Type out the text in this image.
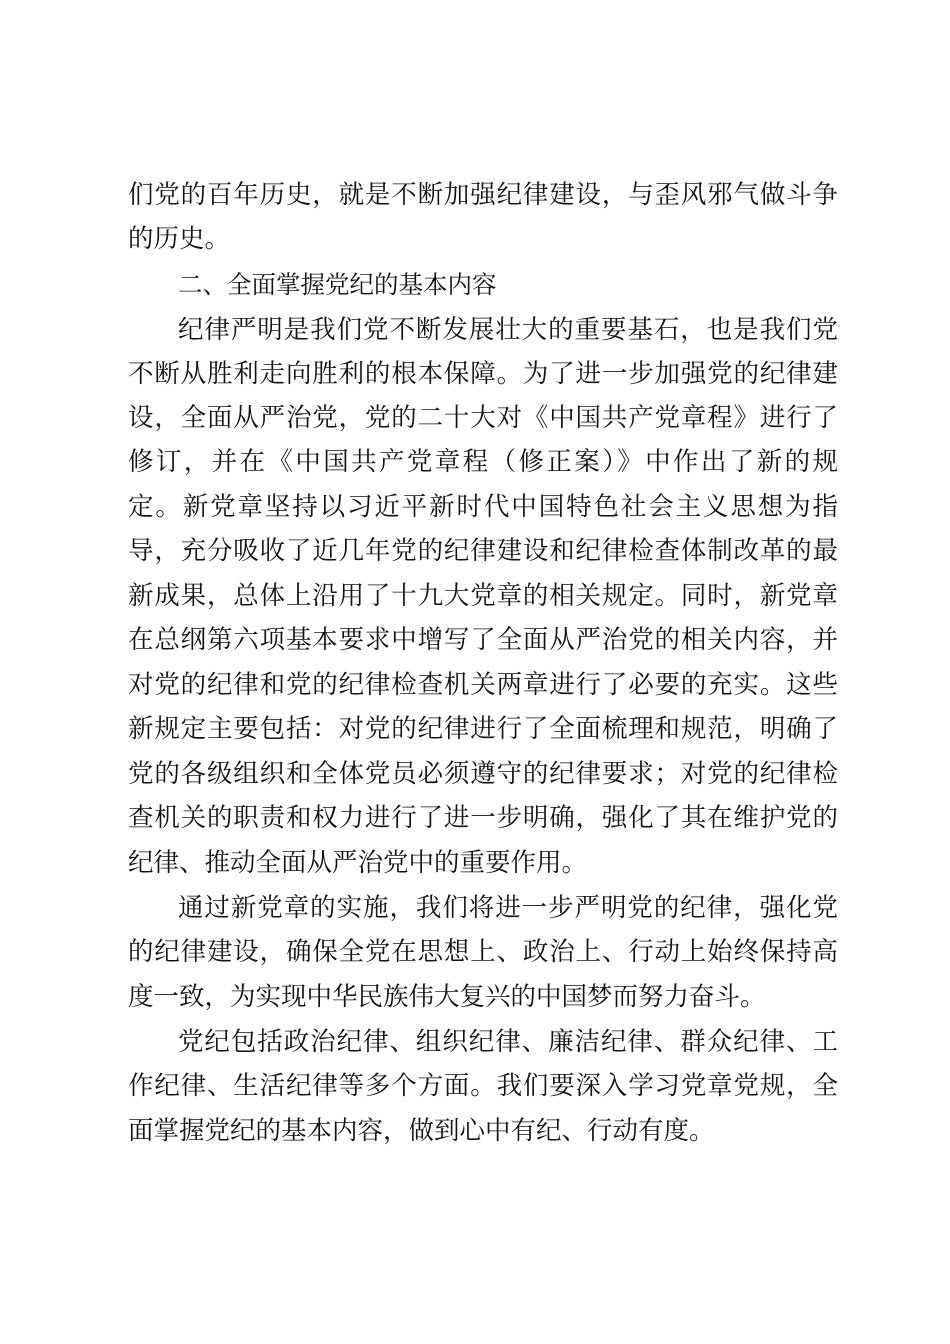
们党的百年历史，就是不断加强纪律建设，与歪风邪气做斗争
的历史。
二、全面掌握党纪的基本内容
纪律严明是我们党不断发展壮大的重要基石，也是我们党
不断从胜利走向胜利的根本保障。为了进一步加强党的纪律建
设，全面从严治党，党的二十大对《中国共产党章程》进行了
修订，并在《中国共产党章程（修正案）》中作出了新的规
定。新党章坚持以习近平新时代中国特色社会主义思想为指
导，充分吸收了近几年党的纪律建设和纪律检查体制改革的最
新成果，总体上沿用了十九大党章的相关规定。同时，新党章
在总纲第六项基本要求中增写了全面从严治党的相关内容，并
对党的纪律和党的纪律检查机关两章进行了必要的充实。这些
新规定主要包括：对党的纪律进行了全面梳理和规范，明确了
党的各级组织和全体党员必须遵守的纪律要求；对党的纪律检
查机关的职责和权力进行了进一步明确，强化了其在维护党的
纪律、推动全面从严治党中的重要作用。
通过新党章的实施，我们将进一步严明党的纪律，强化党
的纪律建设，确保全党在思想上、政治上、行动上始终保持高
度一致，为实现中华民族伟大复兴的中国梦而努力奋斗。
党纪包括政治纪律、组织纪律、廉洁纪律、群众纪律、工
作纪律、生活纪律等多个方面。我们要深入学习党章党规，全
面掌握党纪的基本内容，做到心中有纪、行动有度。
